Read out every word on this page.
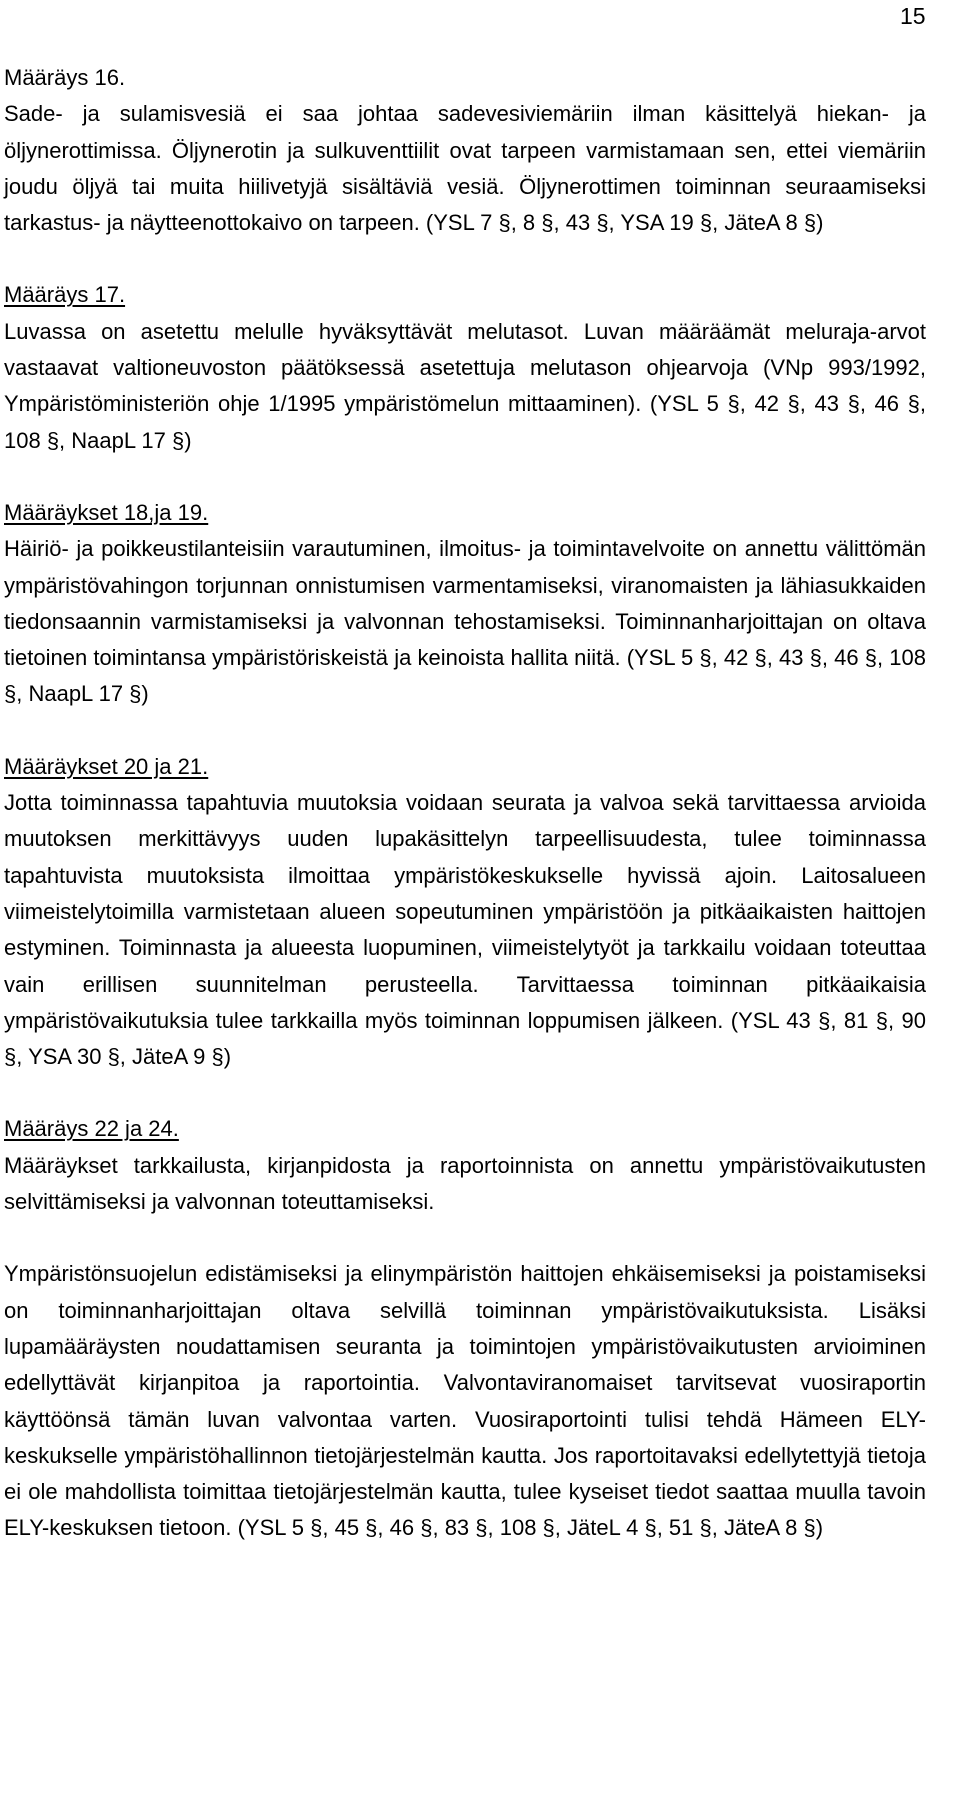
15

Määräys 16.

Sade- ja sulamisvesiä ei saa johtaa sadevesiviemäriin ilman käsittelyä hiekan- ja öljynerottimissa. Öljynerotin ja sulkuventtiilit ovat tarpeen varmistamaan sen, ettei viemäriin joudu öljyä tai muita hiilivetyjä sisältäviä vesiä. Öljynerottimen toiminnan seuraamiseksi tarkastus- ja näytteenottokaivo on tarpeen. (YSL 7 §, 8 §, 43 §, YSA 19 §, JäteA 8 §)

Määräys 17.

Luvassa on asetettu melulle hyväksyttävät melutasot. Luvan määräämät meluraja-arvot vastaavat valtioneuvoston päätöksessä asetettuja melutason ohjearvoja (VNp 993/1992, Ympäristöministeriön ohje 1/1995 ympäristömelun mittaaminen). (YSL 5 §, 42 §, 43 §, 46 §, 108 §, NaapL 17 §)

Määräykset 18,ja 19.

Häiriö- ja poikkeustilanteisiin varautuminen, ilmoitus- ja toimintavelvoite on annettu välittömän ympäristövahingon torjunnan onnistumisen varmentamiseksi, viranomaisten ja lähiasukkaiden tiedonsaannin varmistamiseksi ja valvonnan tehostamiseksi. Toiminnanharjoittajan on oltava tietoinen toimintansa ympäristöriskeistä ja keinoista hallita niitä. (YSL 5 §, 42 §, 43 §, 46 §, 108 §, NaapL 17 §)

Määräykset 20 ja 21.

Jotta toiminnassa tapahtuvia muutoksia voidaan seurata ja valvoa sekä tarvittaessa arvioida muutoksen merkittävyys uuden lupakäsittelyn tarpeellisuudesta, tulee toiminnassa tapahtuvista muutoksista ilmoittaa ympäristökeskukselle hyvissä ajoin. Laitosalueen viimeistelytoimilla varmistetaan alueen sopeutuminen ympäristöön ja pitkäaikaisten haittojen estyminen. Toiminnasta ja alueesta luopuminen, viimeistelytyöt ja tarkkailu voidaan toteuttaa vain erillisen suunnitelman perusteella. Tarvittaessa toiminnan pitkäaikaisia ympäristövaikutuksia tulee tarkkailla myös toiminnan loppumisen jälkeen. (YSL 43 §, 81 §, 90 §, YSA 30 §, JäteA 9 §)

Määräys 22 ja 24.

Määräykset tarkkailusta, kirjanpidosta ja raportoinnista on annettu ympäristövaikutusten selvittämiseksi ja valvonnan toteuttamiseksi.

Ympäristönsuojelun edistämiseksi ja elinympäristön haittojen ehkäisemiseksi ja poistamiseksi on toiminnanharjoittajan oltava selvillä toiminnan ympäristövaikutuksista. Lisäksi lupamääräysten noudattamisen seuranta ja toimintojen ympäristövaikutusten arvioiminen edellyttävät kirjanpitoa ja raportointia. Valvontaviranomaiset tarvitsevat vuosiraportin käyttöönsä tämän luvan valvontaa varten. Vuosiraportointi tulisi tehdä Hämeen ELY-keskukselle ympäristöhallinnon tietojärjestelmän kautta. Jos raportoitavaksi edellytettyjä tietoja ei ole mahdollista toimittaa tietojärjestelmän kautta, tulee kyseiset tiedot saattaa muulla tavoin ELY-keskuksen tietoon. (YSL 5 §, 45 §, 46 §, 83 §, 108 §, JäteL 4 §, 51 §, JäteA 8 §)
